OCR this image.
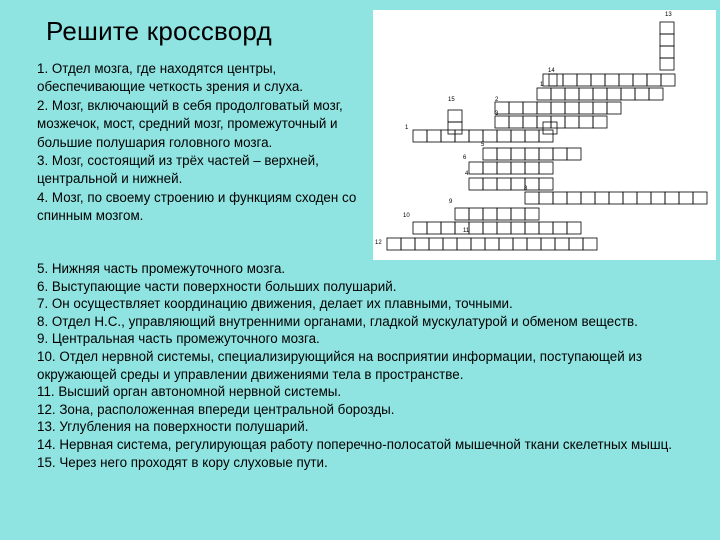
Решите кроссворд

1. Отдел мозга, где находятся центры, обеспечивающие четкость зрения и слуха.

2. Мозг, включающий в себя продолговатый мозг, мозжечок, мост, средний мозг, промежуточный и большие полушария головного мозга.

3. Мозг, состоящий из трёх частей – верхней, центральной и нижней.

4. Мозг, по своему строению и функциям сходен со спинным мозгом.

13
14
1
15	2
3
1
5
6
4
8
9
10
11
12

5. Нижняя часть промежуточного мозга.

6. Выступающие части поверхности больших полушарий.

7. Он осуществляет координацию движения, делает их плавными, точными.

8. Отдел Н.С., управляющий внутренними органами, гладкой мускулатурой и обменом веществ.

9. Центральная часть промежуточного мозга.

10. Отдел нервной системы, специализирующийся на восприятии информации, поступающей из окружающей среды и управлении движениями тела в пространстве.

11. Высший орган автономной нервной системы.

12. Зона, расположенная впереди центральной борозды.

13. Углубления на поверхности полушарий.

14. Нервная система, регулирующая работу поперечно-полосатой мышечной ткани скелетных мышц.

15. Через него проходят в кору слуховые пути.
